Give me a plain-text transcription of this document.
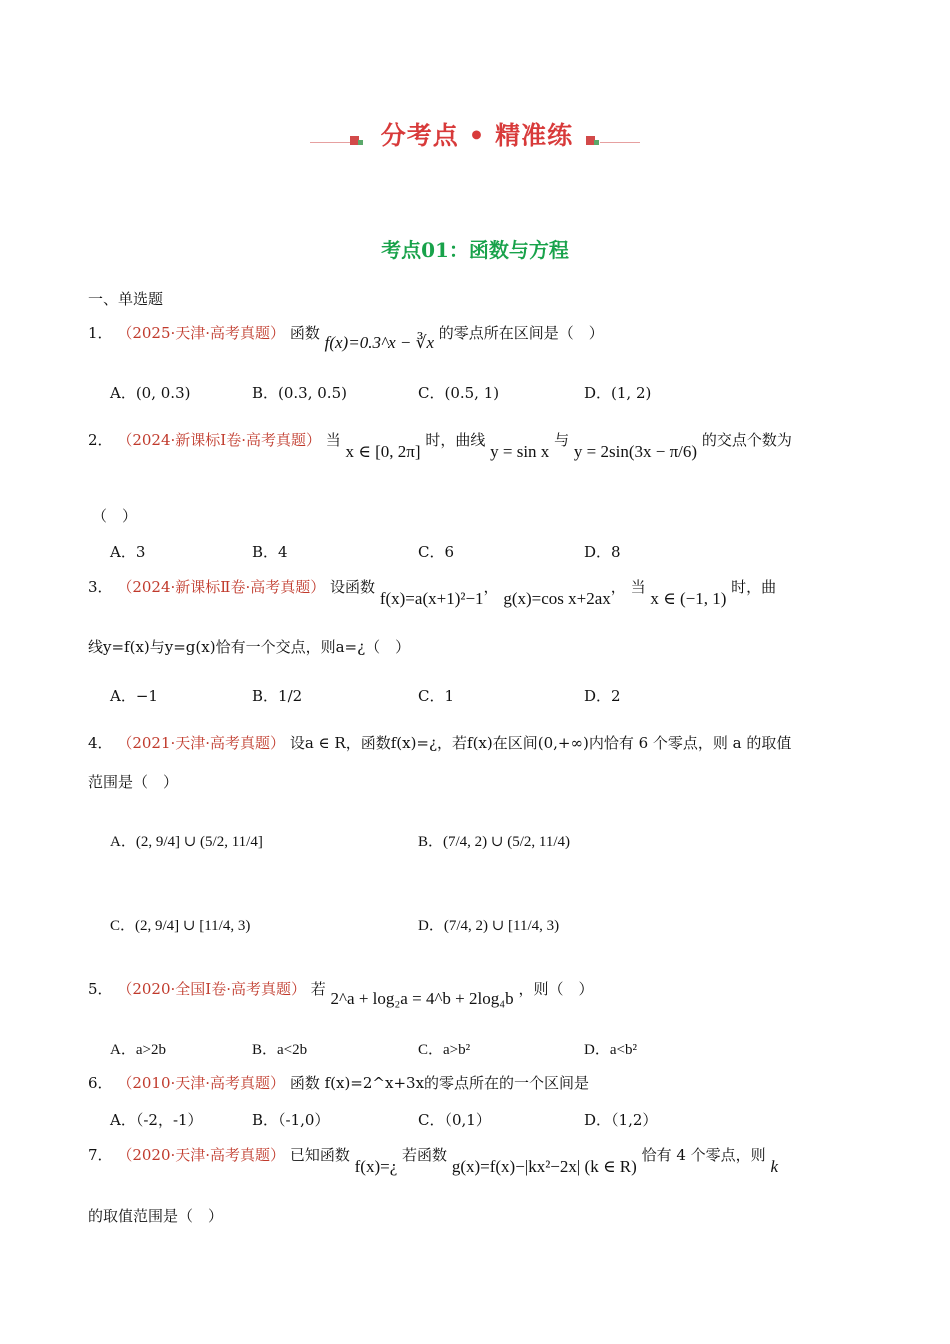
分考点 • 精准练
考点01：函数与方程
一、单选题
1． （2025·天津·高考真题） 函数 f(x)=0.3^x − ∛x 的零点所在区间是（　）
A．(0, 0.3)	B．(0.3, 0.5)	C．(0.5, 1)	D．(1, 2)
2． （2024·新课标Ⅰ卷·高考真题） 当 x ∈ [0, 2π] 时，曲线 y = sin x 与 y = 2sin(3x − π/6) 的交点个数为
（　）
A．3	B．4	C．6	D．8
3． （2024·新课标Ⅱ卷·高考真题） 设函数 f(x)=a(x+1)²−1， g(x)=cos x+2ax， 当 x ∈ (−1, 1) 时，曲
线y=f(x)与y=g(x)恰有一个交点，则a=¿（　）
A．−1	B．1/2	C．1	D．2
4． （2021·天津·高考真题） 设a ∈ R，函数f(x)=¿，若f(x)在区间(0,+∞)内恰有 6 个零点，则 a 的取值
范围是（　）
A．(2, 9/4] ∪ (5/2, 11/4]	B．(7/4, 2) ∪ (5/2, 11/4)
C．(2, 9/4] ∪ [11/4, 3)	D．(7/4, 2) ∪ [11/4, 3)
5． （2020·全国Ⅰ卷·高考真题） 若 2^a + log₂a = 4^b + 2log₄b ，则（　）
A．a>2b	B．a<2b	C．a>b²	D．a<b²
6． （2010·天津·高考真题） 函数 f(x)=2^x+3x的零点所在的一个区间是
A．（-2，-1）	B．（-1,0）	C．（0,1）	D．（1,2）
7． （2020·天津·高考真题） 已知函数 f(x)=¿ 若函数 g(x)=f(x)−|kx²−2x| (k ∈ R) 恰有 4 个零点，则 k
的取值范围是（　）
